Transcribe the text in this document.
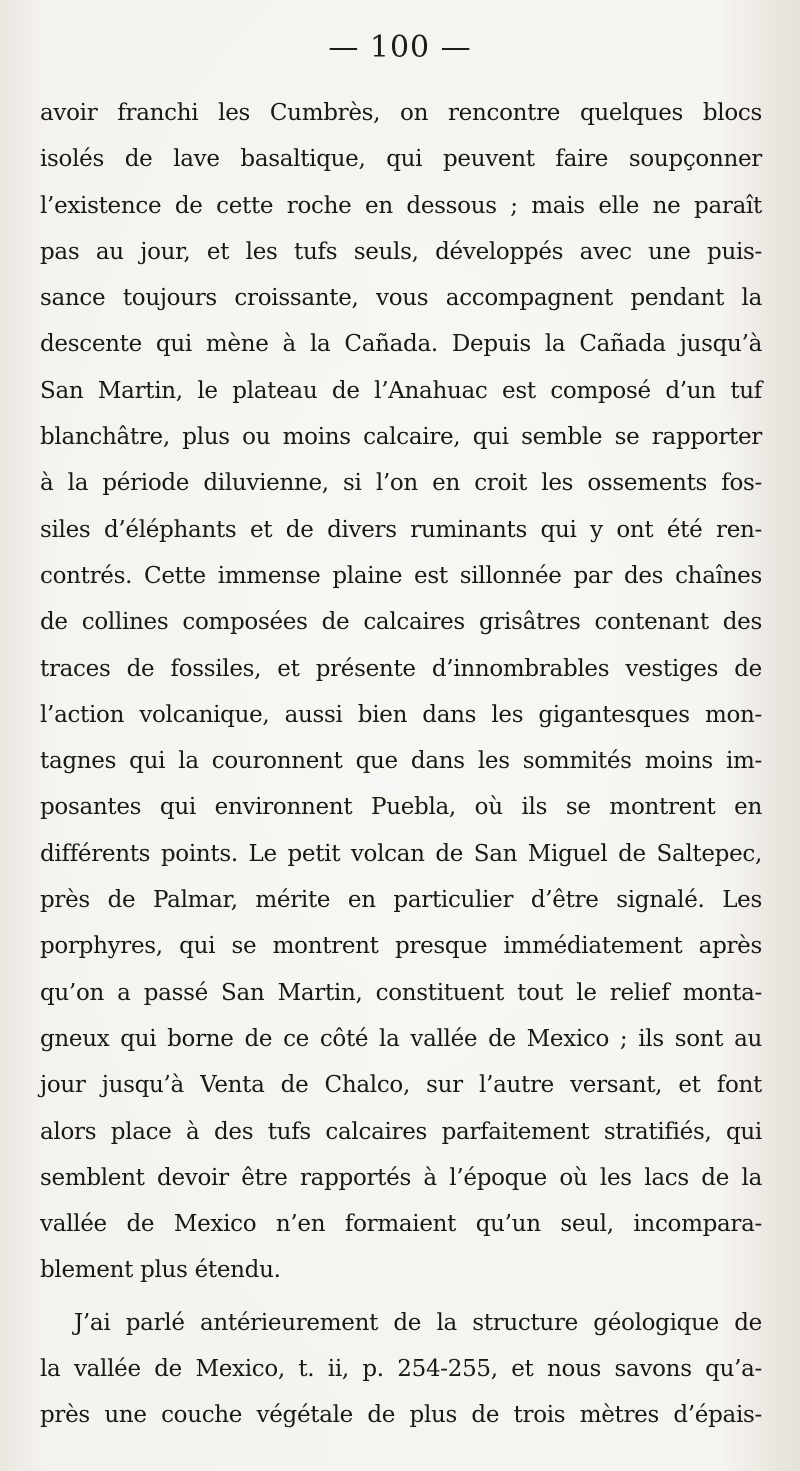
— 100 —
avoir franchi les Cumbrès, on rencontre quelques blocs
isolés de lave basaltique, qui peuvent faire soupçonner
l’existence de cette roche en dessous ; mais elle ne paraît
pas au jour, et les tufs seuls, développés avec une puis-
sance toujours croissante, vous accompagnent pendant la
descente qui mène à la Cañada. Depuis la Cañada jusqu’à
San Martin, le plateau de l’Anahuac est composé d’un tuf
blanchâtre, plus ou moins calcaire, qui semble se rapporter
à la période diluvienne, si l’on en croit les ossements fos-
siles d’éléphants et de divers ruminants qui y ont été ren-
contrés. Cette immense plaine est sillonnée par des chaînes
de collines composées de calcaires grisâtres contenant des
traces de fossiles, et présente d’innombrables vestiges de
l’action volcanique, aussi bien dans les gigantesques mon-
tagnes qui la couronnent que dans les sommités moins im-
posantes qui environnent Puebla, où ils se montrent en
différents points. Le petit volcan de San Miguel de Saltepec,
près de Palmar, mérite en particulier d’être signalé. Les
porphyres, qui se montrent presque immédiatement après
qu’on a passé San Martin, constituent tout le relief monta-
gneux qui borne de ce côté la vallée de Mexico ; ils sont au
jour jusqu’à Venta de Chalco, sur l’autre versant, et font
alors place à des tufs calcaires parfaitement stratifiés, qui
semblent devoir être rapportés à l’époque où les lacs de la
vallée de Mexico n’en formaient qu’un seul, incompara-
blement plus étendu.
J’ai parlé antérieurement de la structure géologique de
la vallée de Mexico, t. ii, p. 254-255, et nous savons qu’a-
près une couche végétale de plus de trois mètres d’épais-
